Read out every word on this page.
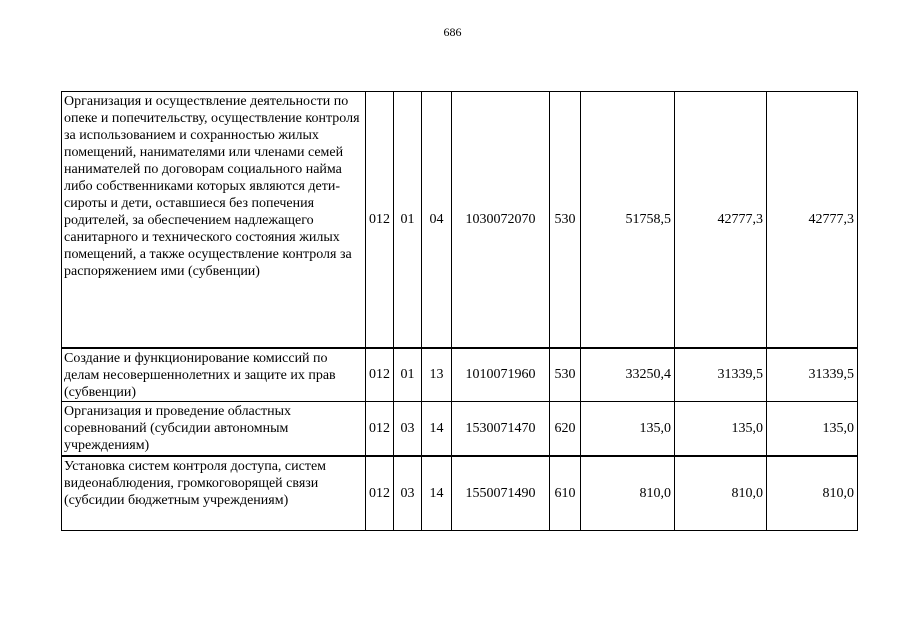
686
Организация и осуществление деятельности по опеке и попечительству, осуществление контроля за использованием и сохранностью жилых помещений, нанимателями или членами семей нанимателей по договорам социального найма либо собственниками которых являются дети-сироты и дети, оставшиеся без попечения родителей, за обеспечением надлежащего санитарного и технического состояния жилых помещений, а также осуществление контроля за распоряжением ими (субвенции)	012	01	04	1030072070	530	51758,5	42777,3	42777,3
Создание и функционирование комиссий по делам несовершеннолетних и защите их прав (субвенции)	012	01	13	1010071960	530	33250,4	31339,5	31339,5
Организация и проведение областных соревнований (субсидии автономным учреждениям)	012	03	14	1530071470	620	135,0	135,0	135,0
Установка систем контроля доступа, систем видеонаблюдения, громкоговорящей связи (субсидии бюджетным учреждениям)	012	03	14	1550071490	610	810,0	810,0	810,0
